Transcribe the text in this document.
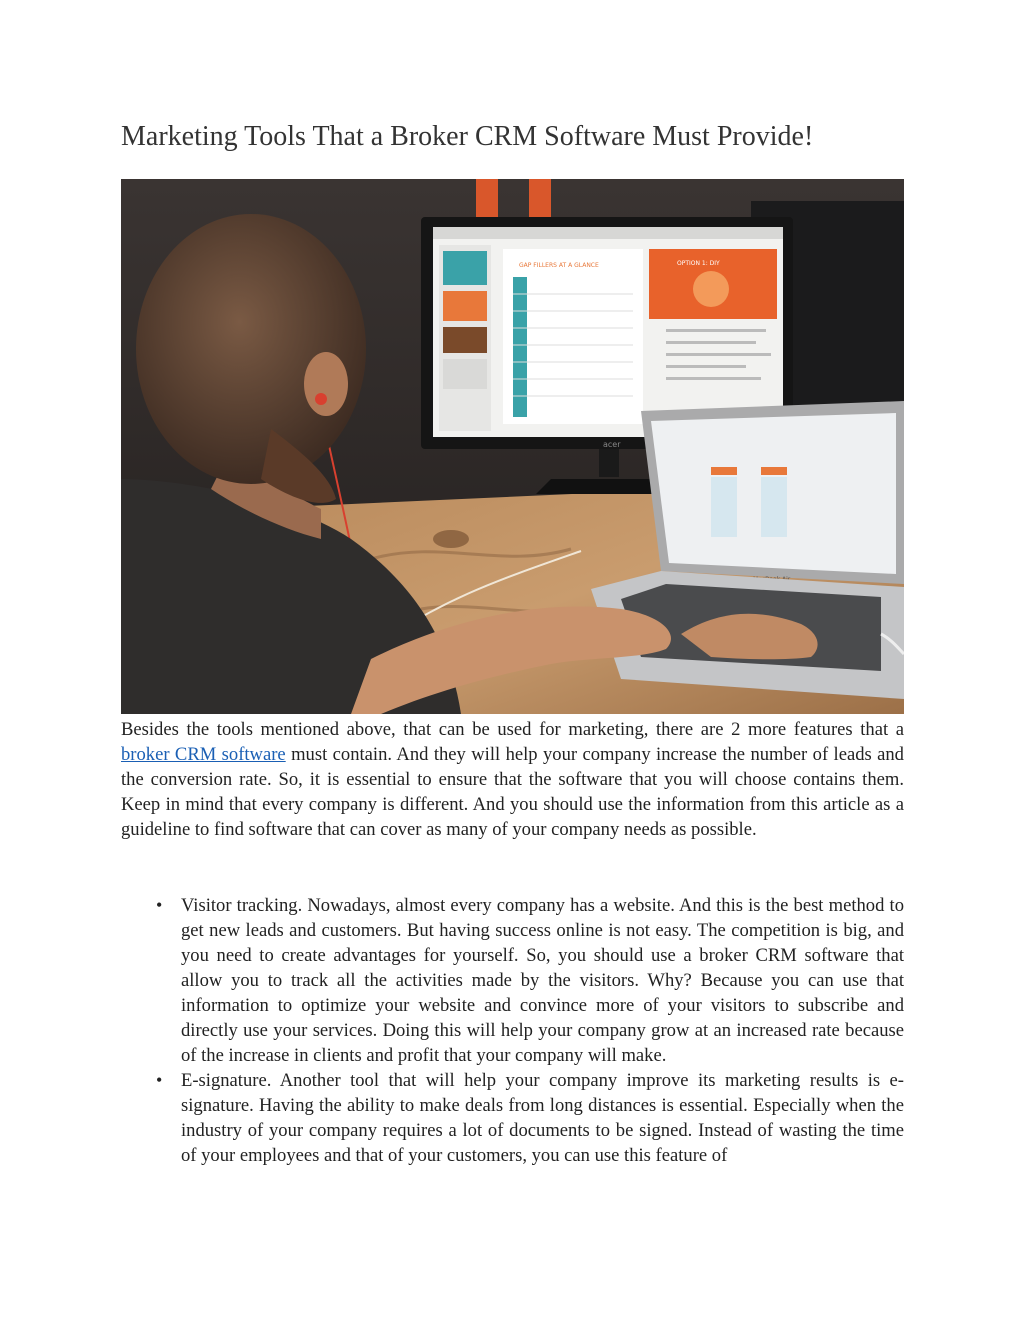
Marketing Tools That a Broker CRM Software Must Provide!
GAP FILLERS AT A GLANCE	OPTION 1: DIY
acer

Besides the tools mentioned above, that can be used for marketing, there are 2 more features that a broker CRM software must contain. And they will help your company increase the number of leads and the conversion rate. So, it is essential to ensure that the software that you will choose contains them. Keep in mind that every company is different. And you should use the information from this article as a guideline to find software that can cover as many of your company needs as possible.

• Visitor tracking. Nowadays, almost every company has a website. And this is the best method to get new leads and customers. But having success online is not easy. The competition is big, and you need to create advantages for yourself. So, you should use a broker CRM software that allow you to track all the activities made by the visitors. Why? Because you can use that information to optimize your website and convince more of your visitors to subscribe and directly use your services. Doing this will help your company grow at an increased rate because of the increase in clients and profit that your company will make.
• E-signature. Another tool that will help your company improve its marketing results is e-signature. Having the ability to make deals from long distances is essential. Especially when the industry of your company requires a lot of documents to be signed. Instead of wasting the time of your employees and that of your customers, you can use this feature of
